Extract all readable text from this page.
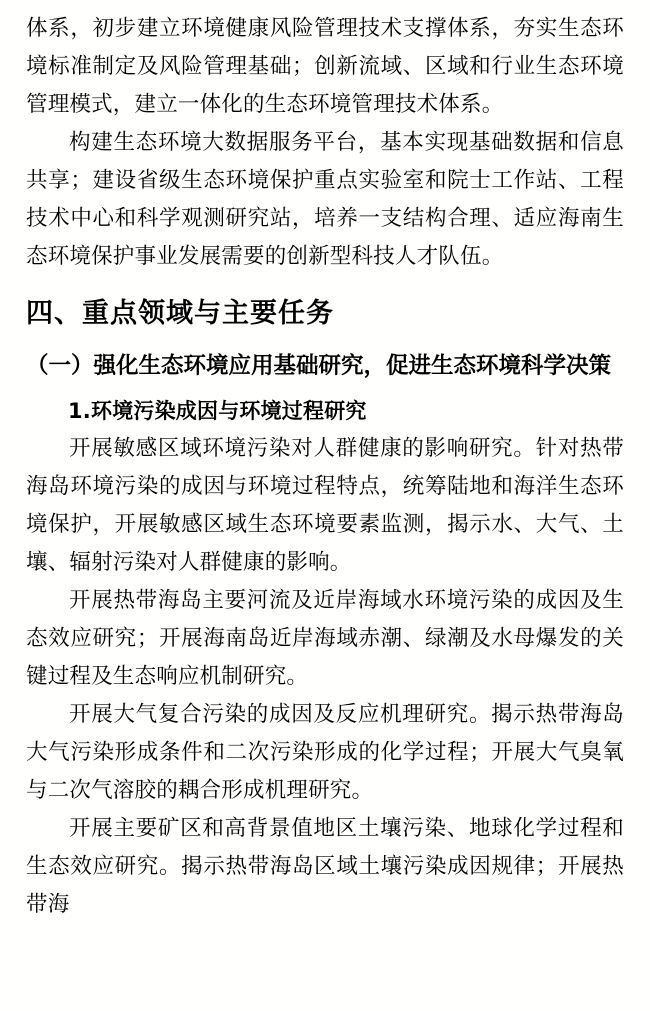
体系，初步建立环境健康风险管理技术支撑体系，夯实生态环境标准制定及风险管理基础；创新流域、区域和行业生态环境管理模式，建立一体化的生态环境管理技术体系。

构建生态环境大数据服务平台，基本实现基础数据和信息共享；建设省级生态环境保护重点实验室和院士工作站、工程技术中心和科学观测研究站，培养一支结构合理、适应海南生态环境保护事业发展需要的创新型科技人才队伍。

四、重点领域与主要任务
（一）强化生态环境应用基础研究，促进生态环境科学决策
1.环境污染成因与环境过程研究

开展敏感区域环境污染对人群健康的影响研究。针对热带海岛环境污染的成因与环境过程特点，统筹陆地和海洋生态环境保护，开展敏感区域生态环境要素监测，揭示水、大气、土壤、辐射污染对人群健康的影响。

开展热带海岛主要河流及近岸海域水环境污染的成因及生态效应研究；开展海南岛近岸海域赤潮、绿潮及水母爆发的关键过程及生态响应机制研究。

开展大气复合污染的成因及反应机理研究。揭示热带海岛大气污染形成条件和二次污染形成的化学过程；开展大气臭氧与二次气溶胶的耦合形成机理研究。

开展主要矿区和高背景值地区土壤污染、地球化学过程和生态效应研究。揭示热带海岛区域土壤污染成因规律；开展热带海
